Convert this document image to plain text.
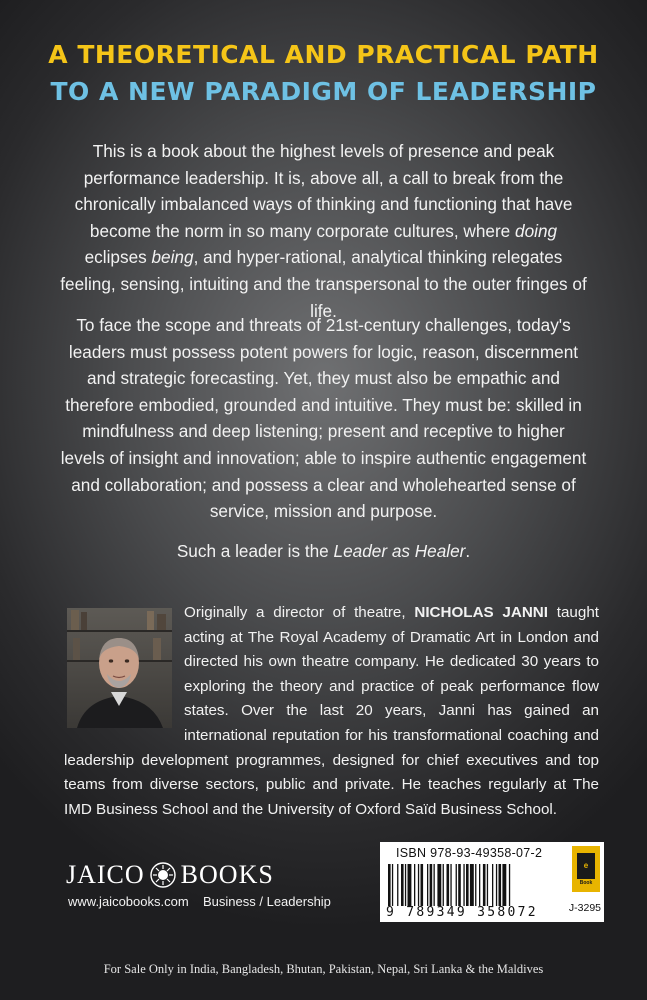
A THEORETICAL AND PRACTICAL PATH
TO A NEW PARADIGM OF LEADERSHIP

This is a book about the highest levels of presence and peak performance leadership. It is, above all, a call to break from the chronically imbalanced ways of thinking and functioning that have become the norm in so many corporate cultures, where doing eclipses being, and hyper-rational, analytical thinking relegates feeling, sensing, intuiting and the transpersonal to the outer fringes of life.

To face the scope and threats of 21st-century challenges, today's leaders must possess potent powers for logic, reason, discernment and strategic forecasting. Yet, they must also be empathic and therefore embodied, grounded and intuitive. They must be: skilled in mindfulness and deep listening; present and receptive to higher levels of insight and innovation; able to inspire authentic engagement and collaboration; and possess a clear and wholehearted sense of service, mission and purpose.

Such a leader is the Leader as Healer.

Originally a director of theatre, NICHOLAS JANNI taught acting at The Royal Academy of Dramatic Art in London and directed his own theatre company. He dedicated 30 years to exploring the theory and practice of peak performance flow states. Over the last 20 years, Janni has gained an international reputation for his transformational coaching and leadership development programmes, designed for chief executives and top teams from diverse sectors, public and private. He teaches regularly at The IMD Business School and the University of Oxford Saïd Business School.
JAICO BOOKS
www.jaicobooks.com Business / Leadership
ISBN 978-93-49358-07-2
9 789349 358072
e
Book
J-3295
For Sale Only in India, Bangladesh, Bhutan, Pakistan, Nepal, Sri Lanka & the Maldives
